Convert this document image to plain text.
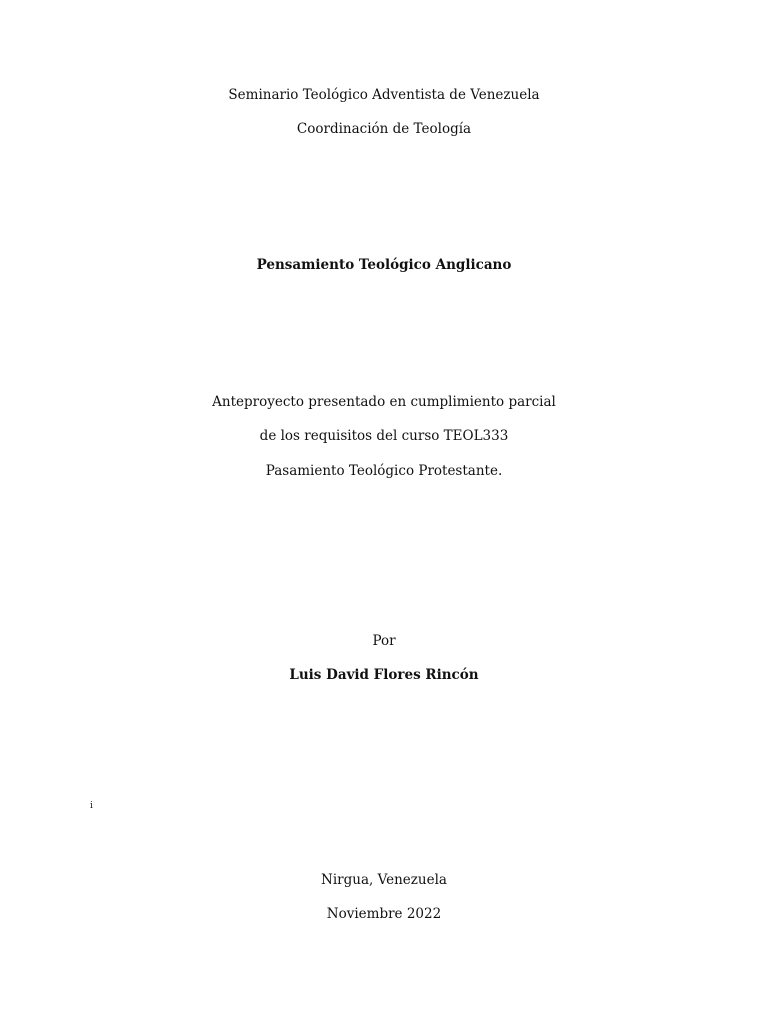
Seminario Teológico Adventista de Venezuela
Coordinación de Teología
Pensamiento Teológico Anglicano
Anteproyecto presentado en cumplimiento parcial
de los requisitos del curso TEOL333
Pasamiento Teológico Protestante.
Por
Luis David Flores Rincón
i
Nirgua, Venezuela
Noviembre 2022
